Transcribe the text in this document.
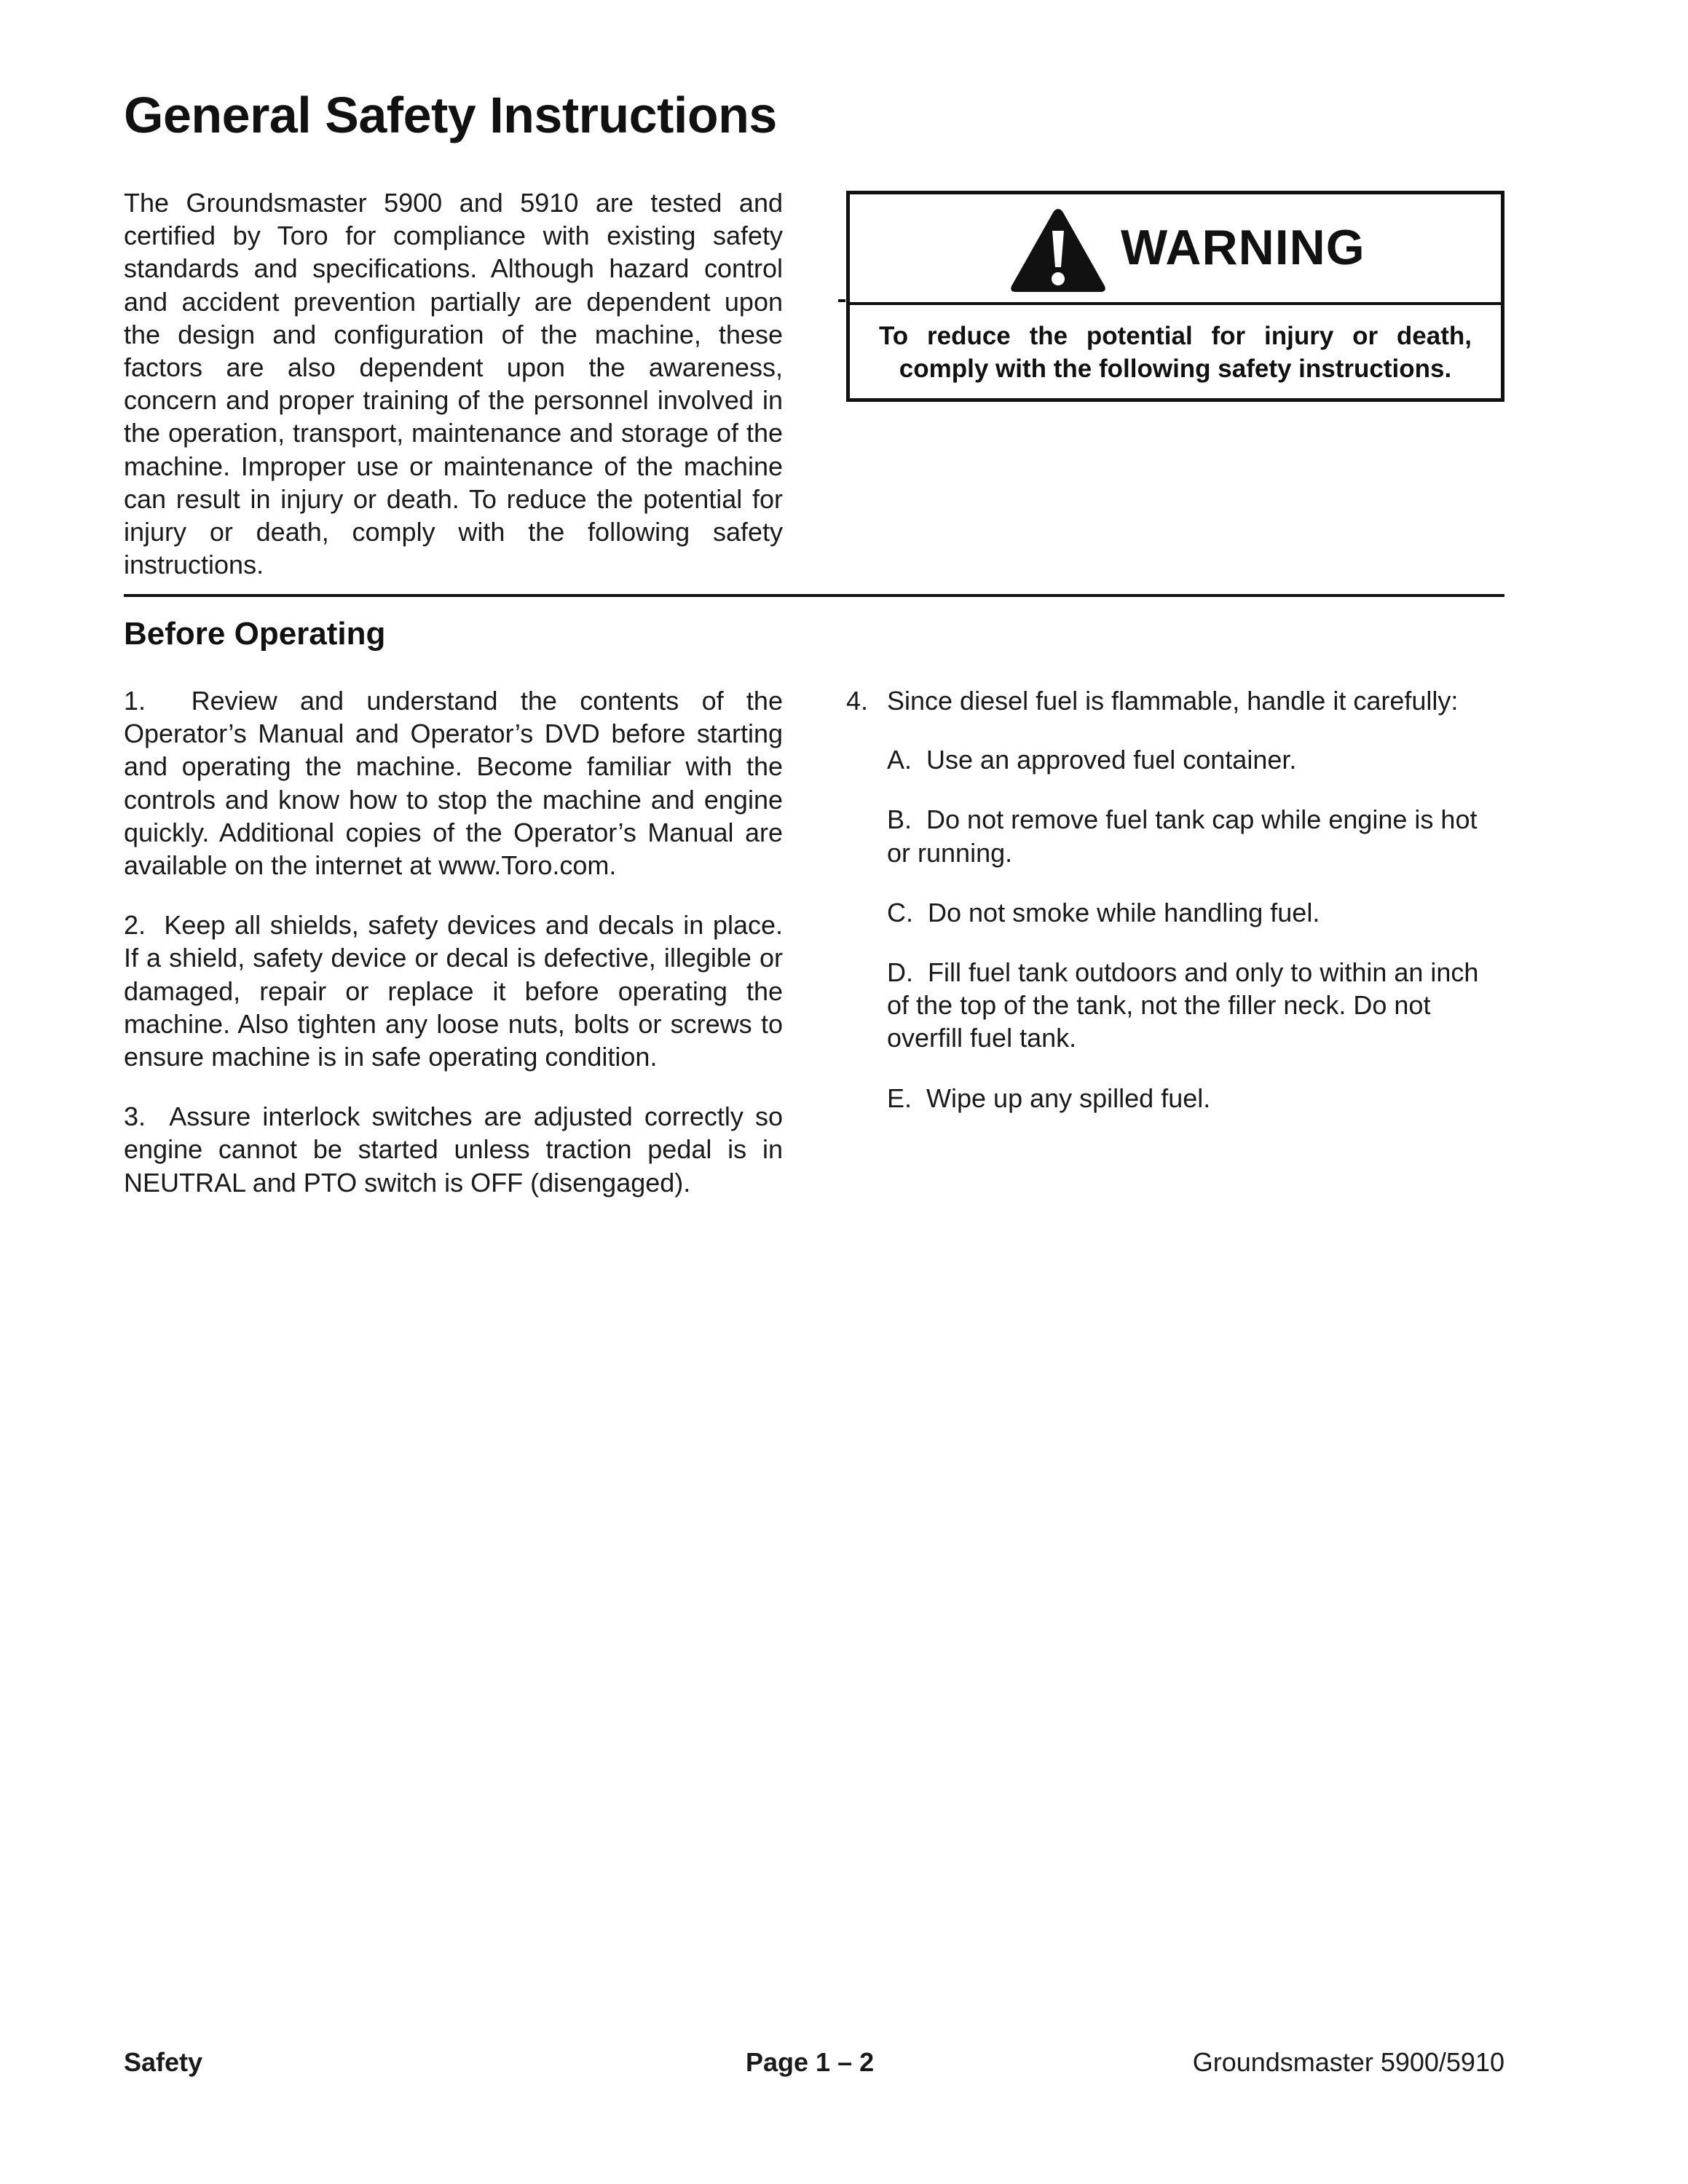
General Safety Instructions

The Groundsmaster 5900 and 5910 are tested and certified by Toro for compliance with existing safety standards and specifications. Although hazard control and accident prevention partially are dependent upon the design and configuration of the machine, these factors are also dependent upon the awareness, concern and proper training of the personnel involved in the operation, transport, maintenance and storage of the machine. Improper use or maintenance of the machine can result in injury or death. To reduce the potential for injury or death, comply with the following safety instructions.

WARNING

To reduce the potential for injury or death, comply with the following safety instructions.

Before Operating

1. Review and understand the contents of the Operator’s Manual and Operator’s DVD before starting and operating the machine. Become familiar with the controls and know how to stop the machine and engine quickly. Additional copies of the Operator’s Manual are available on the internet at www.Toro.com.

2. Keep all shields, safety devices and decals in place. If a shield, safety device or decal is defective, illegible or damaged, repair or replace it before operating the machine. Also tighten any loose nuts, bolts or screws to ensure machine is in safe operating condition.

3. Assure interlock switches are adjusted correctly so engine cannot be started unless traction pedal is in NEUTRAL and PTO switch is OFF (disengaged).

4. Since diesel fuel is flammable, handle it carefully:

A. Use an approved fuel container.

B. Do not remove fuel tank cap while engine is hot or running.

C. Do not smoke while handling fuel.

D. Fill fuel tank outdoors and only to within an inch of the top of the tank, not the filler neck. Do not overfill fuel tank.

E. Wipe up any spilled fuel.

Safety	Page 1 – 2	Groundsmaster 5900/5910
